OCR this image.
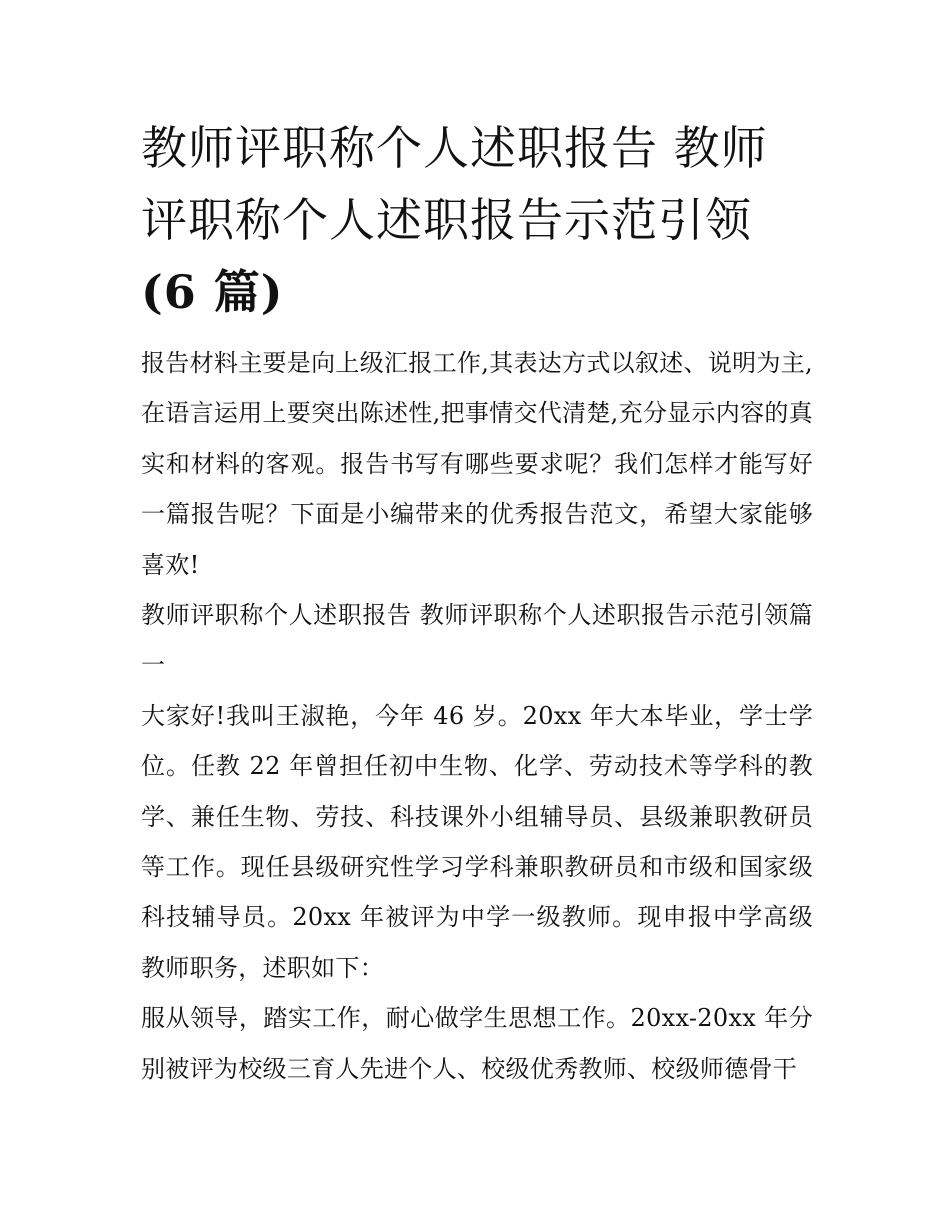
教师评职称个人述职报告 教师
评职称个人述职报告示范引领
(6 篇)

报告材料主要是向上级汇报工作,其表达方式以叙述、说明为主,在语言运用上要突出陈述性,把事情交代清楚,充分显示内容的真实和材料的客观。报告书写有哪些要求呢？我们怎样才能写好一篇报告呢？下面是小编带来的优秀报告范文，希望大家能够喜欢!

教师评职称个人述职报告 教师评职称个人述职报告示范引领篇一

大家好!我叫王淑艳，今年 46 岁。20xx 年大本毕业，学士学位。任教 22 年曾担任初中生物、化学、劳动技术等学科的教学、兼任生物、劳技、科技课外小组辅导员、县级兼职教研员等工作。现任县级研究性学习学科兼职教研员和市级和国家级科技辅导员。20xx 年被评为中学一级教师。现申报中学高级教师职务，述职如下：

服从领导，踏实工作，耐心做学生思想工作。20xx-20xx 年分别被评为校级三育人先进个人、校级优秀教师、校级师德骨干
